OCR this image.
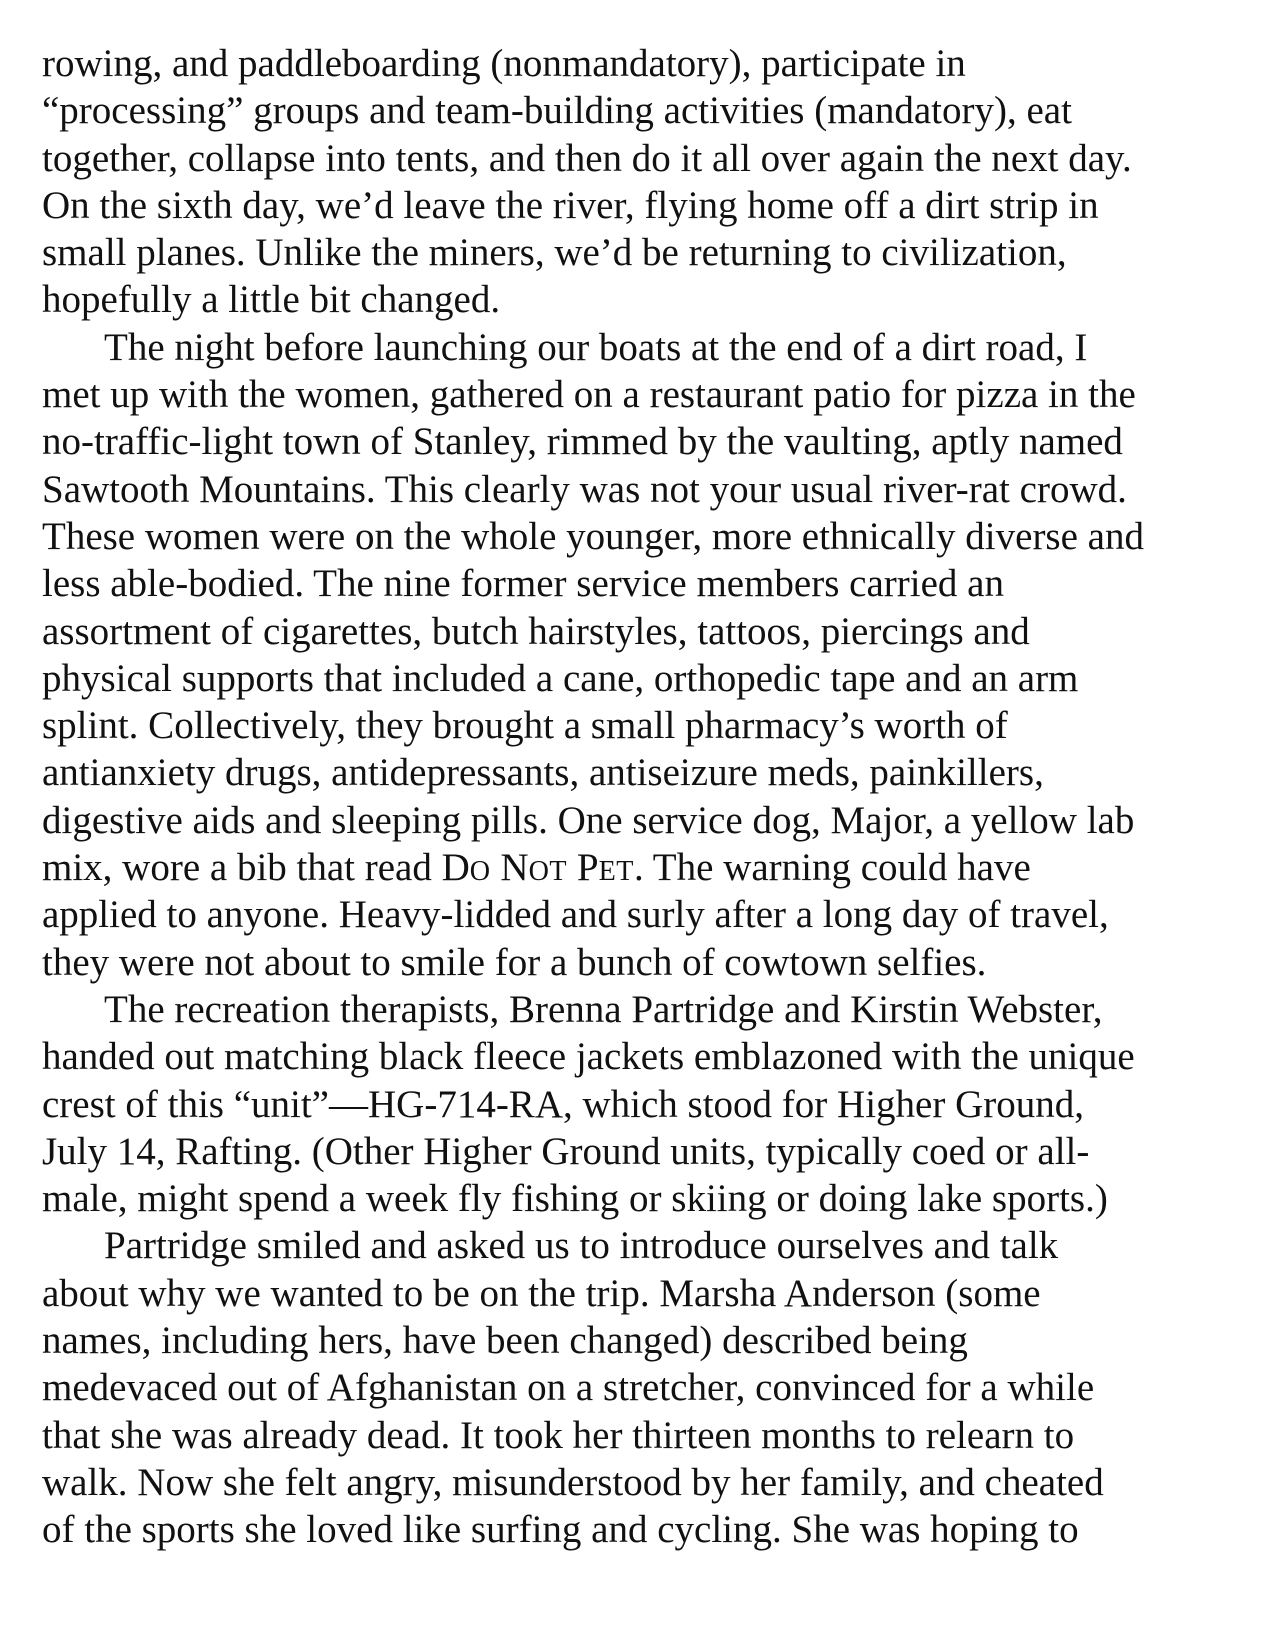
rowing, and paddleboarding (nonmandatory), participate in
“processing” groups and team-building activities (mandatory), eat
together, collapse into tents, and then do it all over again the next day.
On the sixth day, we’d leave the river, flying home off a dirt strip in
small planes. Unlike the miners, we’d be returning to civilization,
hopefully a little bit changed.
The night before launching our boats at the end of a dirt road, I
met up with the women, gathered on a restaurant patio for pizza in the
no-traffic-light town of Stanley, rimmed by the vaulting, aptly named
Sawtooth Mountains. This clearly was not your usual river-rat crowd.
These women were on the whole younger, more ethnically diverse and
less able-bodied. The nine former service members carried an
assortment of cigarettes, butch hairstyles, tattoos, piercings and
physical supports that included a cane, orthopedic tape and an arm
splint. Collectively, they brought a small pharmacy’s worth of
antianxiety drugs, antidepressants, antiseizure meds, painkillers,
digestive aids and sleeping pills. One service dog, Major, a yellow lab
mix, wore a bib that read DO NOT PET. The warning could have
applied to anyone. Heavy-lidded and surly after a long day of travel,
they were not about to smile for a bunch of cowtown selfies.
The recreation therapists, Brenna Partridge and Kirstin Webster,
handed out matching black fleece jackets emblazoned with the unique
crest of this “unit”—HG-714-RA, which stood for Higher Ground,
July 14, Rafting. (Other Higher Ground units, typically coed or all-
male, might spend a week fly fishing or skiing or doing lake sports.)
Partridge smiled and asked us to introduce ourselves and talk
about why we wanted to be on the trip. Marsha Anderson (some
names, including hers, have been changed) described being
medevaced out of Afghanistan on a stretcher, convinced for a while
that she was already dead. It took her thirteen months to relearn to
walk. Now she felt angry, misunderstood by her family, and cheated
of the sports she loved like surfing and cycling. She was hoping to
